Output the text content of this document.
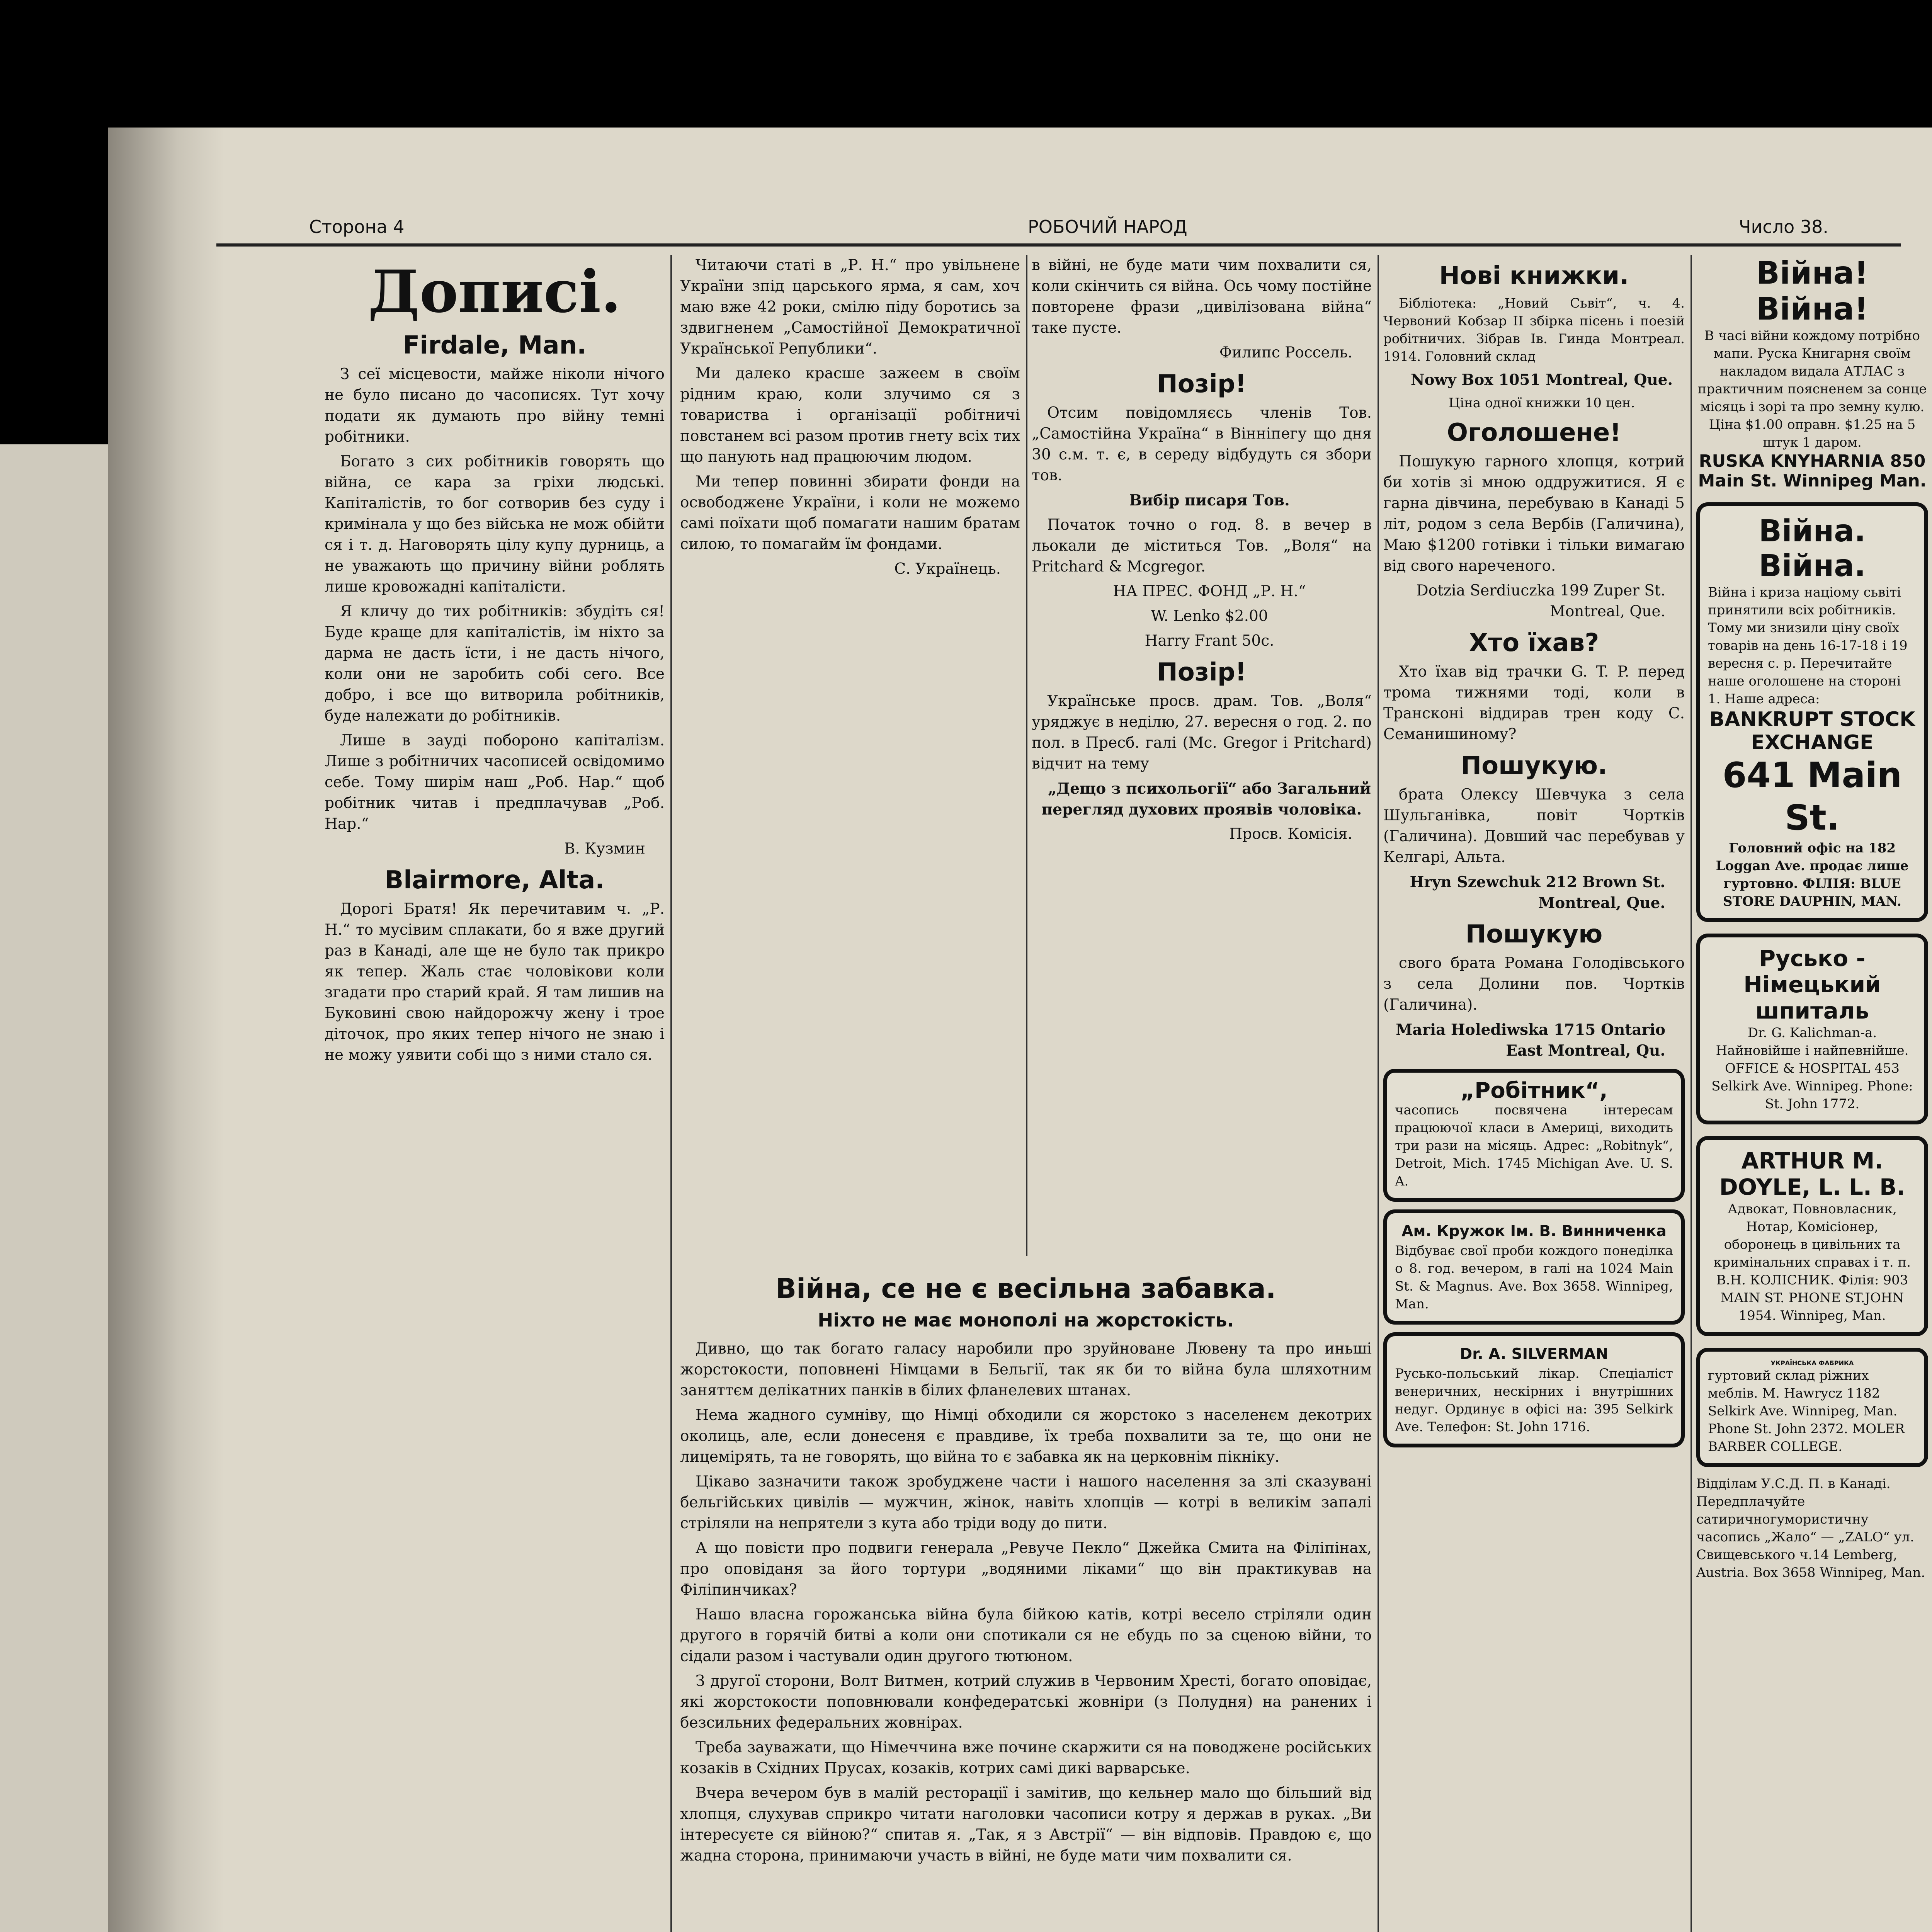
Сторона 4	РОБОЧИЙ НАРОД	Число 38.
Дописі.
Firdale, Man.

З сеї місцевости, майже ніколи нічого не було писано до часописях. Тут хочу подати як думають про війну темні робітники.

Богато з сих робітників говорять що війна, се кара за гріхи людські. Капіталістів, то бог сотворив без суду і кримінала у що без війська не мож обійти ся і т. д. Наговорять цілу купу дурниць, а не уважають що причину війни роблять лише кровожадні капіталісти.

Я кличу до тих робітників: збудіть ся! Буде краще для капіталістів, ім ніхто за дарма не дасть їсти, і не дасть нічого, коли они не заробить собі сего. Все добро, і все що витворила робітників, буде належати до робітників.

Лише в зауді побороно капіталізм. Лише з робітничих часописей освідомимо себе. Тому ширім наш „Роб. Нар.“ щоб робітник читав і предплачував „Роб. Нар.“

В. Кузмин
Blairmore, Alta.

Дорогі Братя! Як перечитавим ч. „Р. Н.“ то мусівим сплакати, бо я вже другий раз в Канаді, але ще не було так прикро як тепер. Жаль стає чоловікови коли згадати про старий край. Я там лишив на Буковині свою найдорожчу жену і трое діточок, про яких тепер нічого не знаю і не можу уявити собі що з ними стало ся.

Читаючи статі в „Р. Н.“ про увільнене України зпід царського ярма, я сам, хоч маю вже 42 роки, смілю піду боротись за здвигненем „Самостійної Демократичної Української Републики“.

Ми далеко красше зажеем в своїм рідним краю, коли злучимо ся з товариства і організації робітничі повстанем всі разом против гнету всіх тих що панують над працюючим людом.

Ми тепер повинні збирати фонди на освободжене України, і коли не можемо самі поїхати щоб помагати нашим братам силою, то помагайм їм фондами.

С. Українець.

в війні, не буде мати чим похвалити ся, коли скінчить ся війна. Ось чому постійне повторене фрази „цивілізована війна“ таке пусте.

Филипс Россель.
Позір!

Отсим повідомляєсь членів Тов. „Самостійна Україна“ в Вінніпегу що дня 30 с.м. т. є, в середу відбудуть ся збори тов.

Вибір писаря Тов.

Початок точно о год. 8. в вечер в льокали де міститься Тов. „Воля“ на Pritchard & Mcgregor.

НА ПРЕС. ФОНД „Р. Н.“

W. Lenko $2.00

Harry Frant 50c.

Позір!

Українське просв. драм. Тов. „Воля“ уряджує в неділю, 27. вересня о год. 2. по пол. в Пресб. галі (Mc. Gregor і Pritchard) відчит на тему

„Дещо з психольогії“ або Загальний перегляд духових проявів чоловіка.

Просв. Комісія.
Війна, се не є весільна забавка.
Ніхто не має монополі на жорстокість.

Дивно, що так богато галасу наробили про зруйноване Лювену та про иньші жорстокости, поповнені Німцами в Бельгії, так як би то війна була шляхотним заняттєм делікатних панків в білих фланелевих штанах.

Нема жадного сумніву, що Німці обходили ся жорстоко з населенєм декотрих околиць, але, если донесеня є правдиве, їх треба похвалити за те, що они не лицемірять, та не говорять, що війна то є забавка як на церковнім пікніку.

Цікаво зазначити також зробуджене части і нашого населення за злі сказувані бельгійських цивілів — мужчин, жінок, навіть хлопців — котрі в великім запалі стріляли на непрятели з кута або тріди воду до пити.

А що повісти про подвиги генерала „Ревуче Пекло“ Джейка Смита на Філіпінах, про оповіданя за його тортури „водяними ліками“ що він практикував на Філіпинчиках?

Нашо власна горожанська війна була бійкою катів, котрі весело стріляли один другого в горячій битві а коли они спотикали ся не ебудь по за сценою війни, то сідали разом і частували один другого тютюном.

З другої сторони, Волт Витмен, котрий служив в Червоним Хресті, богато оповідає, які жорстокости поповнювали конфедератські жовніри (з Полудня) на ранених і безсильних федеральних жовнірах.

Треба зауважати, що Німеччина вже почине скаржити ся на поводжене російських козаків в Східних Прусах, козаків, котрих самі дикі варварське.

Вчера вечером був в малій ресторації і замітив, що кельнер мало що більший від хлопця, слухував сприкро читати наголовки часописи котру я держав в руках. „Ви інтересуєте ся війною?“ спитав я. „Так, я з Австрії“ — він відповів. Правдою є, що жадна сторона, принимаючи участь в війні, не буде мати чим похвалити ся.

Нові книжки.

Бібліотека: „Новий Сьвіт“, ч. 4. Червоний Кобзар II збірка пісень і поезій робітничих. Зібрав Ів. Гинда Монтреал. 1914. Головний склад

Nowy Box 1051 Montreal, Que.

Ціна одної книжки 10 цен.

Оголошене!

Пошукую гарного хлопця, котрий би хотів зі мною оддружитися. Я є гарна дівчина, перебуваю в Канаді 5 літ, родом з села Вербів (Галичина), Маю $1200 готівки і тільки вимагаю від свого нареченого.

Dotzia Serdiuczka 199 Zuper St. Montreal, Que.
Хто їхав?

Хто їхав від трачки G. T. P. перед трома тижнями тоді, коли в Трансконі віддирав трен коду С. Семанишиному?

Пошукую.

брата Олексу Шевчука з села Шульганівка, повіт Чортків (Галичина). Довший час перебував у Келгарі, Альта.

Hryn Szewchuk 212 Brown St. Montreal, Que.
Пошукую

свого брата Романа Голодівського з села Долини пов. Чортків (Галичина).

Maria Holediwska 1715 Ontario East Montreal, Qu.
„Робітник“,
часопись посвячена інтересам працюючої класи в Америці, виходить три рази на місяць. Адрес: „Robitnyk“, Detroit, Mich. 1745 Michigan Ave. U. S. A.
Ам. Кружок Ім. В. Винниченка
Відбуває свої проби кождого понеділка о 8. год. вечером, в галі на 1024 Main St. & Magnus. Ave. Box 3658. Winnipeg, Man.
Dr. A. SILVERMAN
Русько-польський лікар. Спеціаліст венеричних, нескірних і внутрішних недуг. Ординує в офісі на: 395 Selkirk Ave. Телефон: St. John 1716.
Війна! Війна!
В часі війни кождому потрібно мапи. Руска Книгарня своїм накладом видала АТЛАС з практичним поясненем за сонце місяць і зорі та про земну кулю. Ціна $1.00 оправн. $1.25 на 5 штук 1 даром.
RUSKA KNYHARNIA 850 Main St. Winnipeg Man.
Війна. Війна.
Війна і криза націому сьвіті принятили всіх робітників. Тому ми знизили ціну своїх товарів на день 16-17-18 і 19 вересня с. р. Перечитайте наше оголошене на стороні 1. Наше адреса:
BANKRUPT STOCK EXCHANGE
641 Main St.
Головний офіс на 182 Loggan Ave. продає лише гуртовно. ФІЛІЯ: BLUE STORE DAUPHIN, MAN.
Русько - Німецький шпиталь
Dr. G. Kalichman-a. Найновійше і найпевнійше. OFFICE & HOSPITAL 453 Selkirk Ave. Winnipeg. Phone: St. John 1772.
ARTHUR M. DOYLE, L. L. B.
Адвокат, Повновласник, Нотар, Комісіонер, оборонець в цивільних та кримінальних справах і т. п. В.Н. КОЛІСНИК. Філія: 903 MAIN ST. PHONE ST.JOHN 1954. Winnipeg, Man.
УКРАЇНСЬКА ФАБРИКА
гуртовий склад ріжних меблів. M. Hawrycz 1182 Selkirk Ave. Winnipeg, Man. Phone St. John 2372. MOLER BARBER COLLEGE.
Відділам У.С.Д. П. в Канаді. Передплачуйте сатиричногумористичну часопись „Жало“ — „ZALO“ ул. Свищевського ч.14 Lemberg, Austria. Box 3658 Winnipeg, Man.
